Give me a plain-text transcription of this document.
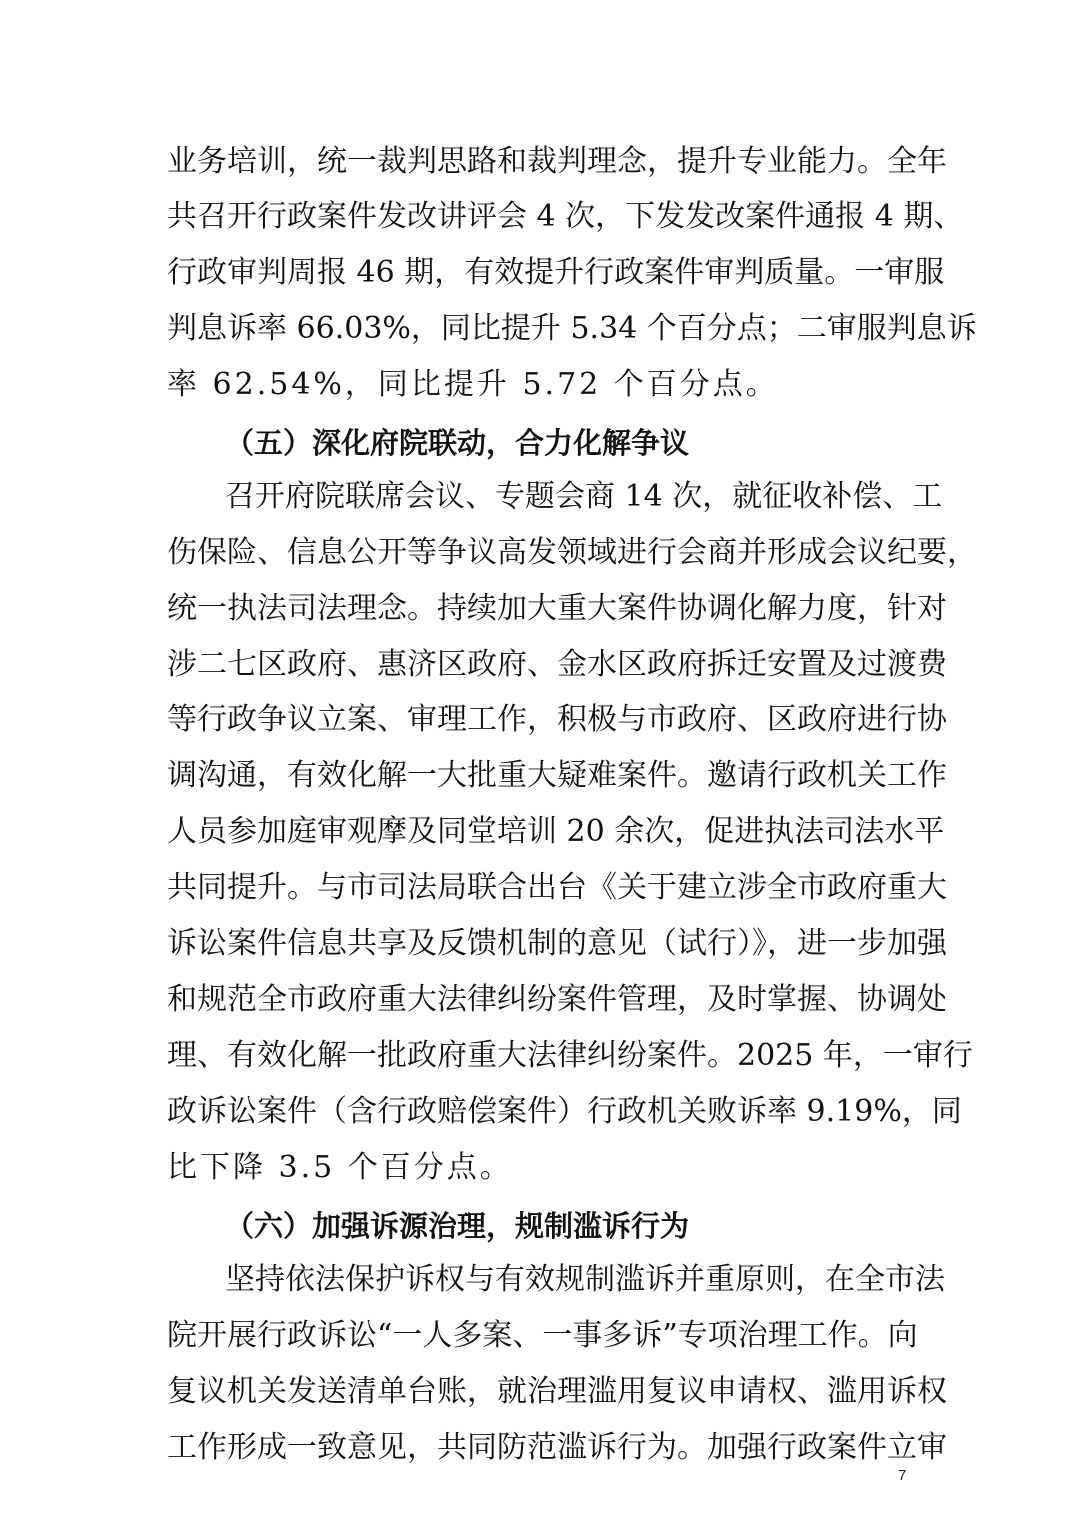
业务培训，统一裁判思路和裁判理念，提升专业能力。全年
共召开行政案件发改讲评会 4 次，下发发改案件通报 4 期、
行政审判周报 46 期，有效提升行政案件审判质量。一审服
判息诉率 66.03%，同比提升 5.34 个百分点；二审服判息诉
率 62.54%，同比提升 5.72 个百分点。
（五）深化府院联动，合力化解争议
召开府院联席会议、专题会商 14 次，就征收补偿、工
伤保险、信息公开等争议高发领域进行会商并形成会议纪要，
统一执法司法理念。持续加大重大案件协调化解力度，针对
涉二七区政府、惠济区政府、金水区政府拆迁安置及过渡费
等行政争议立案、审理工作，积极与市政府、区政府进行协
调沟通，有效化解一大批重大疑难案件。邀请行政机关工作
人员参加庭审观摩及同堂培训 20 余次，促进执法司法水平
共同提升。与市司法局联合出台《关于建立涉全市政府重大
诉讼案件信息共享及反馈机制的意见（试行）》，进一步加强
和规范全市政府重大法律纠纷案件管理，及时掌握、协调处
理、有效化解一批政府重大法律纠纷案件。2025 年，一审行
政诉讼案件（含行政赔偿案件）行政机关败诉率 9.19%，同
比下降 3.5 个百分点。
（六）加强诉源治理，规制滥诉行为
坚持依法保护诉权与有效规制滥诉并重原则，在全市法
院开展行政诉讼“一人多案、一事多诉”专项治理工作。向
复议机关发送清单台账，就治理滥用复议申请权、滥用诉权
工作形成一致意见，共同防范滥诉行为。加强行政案件立审
7
